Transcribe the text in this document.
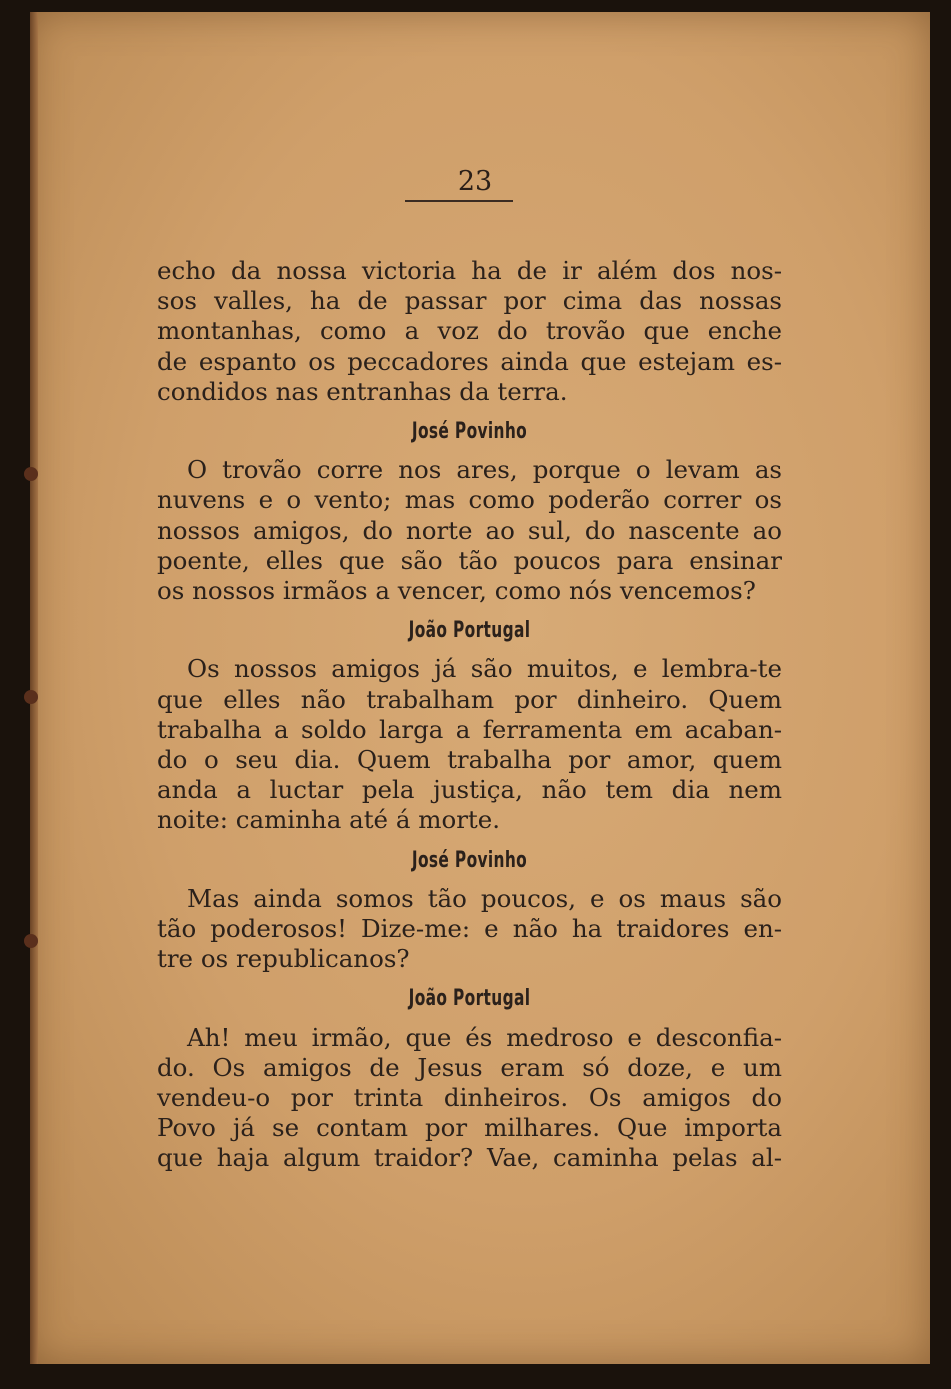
23

echo da nossa victoria ha de ir além dos nos-
sos valles, ha de passar por cima das nossas
montanhas, como a voz do trovão que enche
de espanto os peccadores ainda que estejam es-
condidos nas entranhas da terra.

José Povinho

O trovão corre nos ares, porque o levam as
nuvens e o vento; mas como poderão correr os
nossos amigos, do norte ao sul, do nascente ao
poente, elles que são tão poucos para ensinar
os nossos irmãos a vencer, como nós vencemos?

João Portugal

Os nossos amigos já são muitos, e lembra-te
que elles não trabalham por dinheiro. Quem
trabalha a soldo larga a ferramenta em acaban-
do o seu dia. Quem trabalha por amor, quem
anda a luctar pela justiça, não tem dia nem
noite: caminha até á morte.

José Povinho

Mas ainda somos tão poucos, e os maus são
tão poderosos! Dize-me: e não ha traidores en-
tre os republicanos?

João Portugal

Ah! meu irmão, que és medroso e desconfia-
do. Os amigos de Jesus eram só doze, e um
vendeu-o por trinta dinheiros. Os amigos do
Povo já se contam por milhares. Que importa
que haja algum traidor? Vae, caminha pelas al-
